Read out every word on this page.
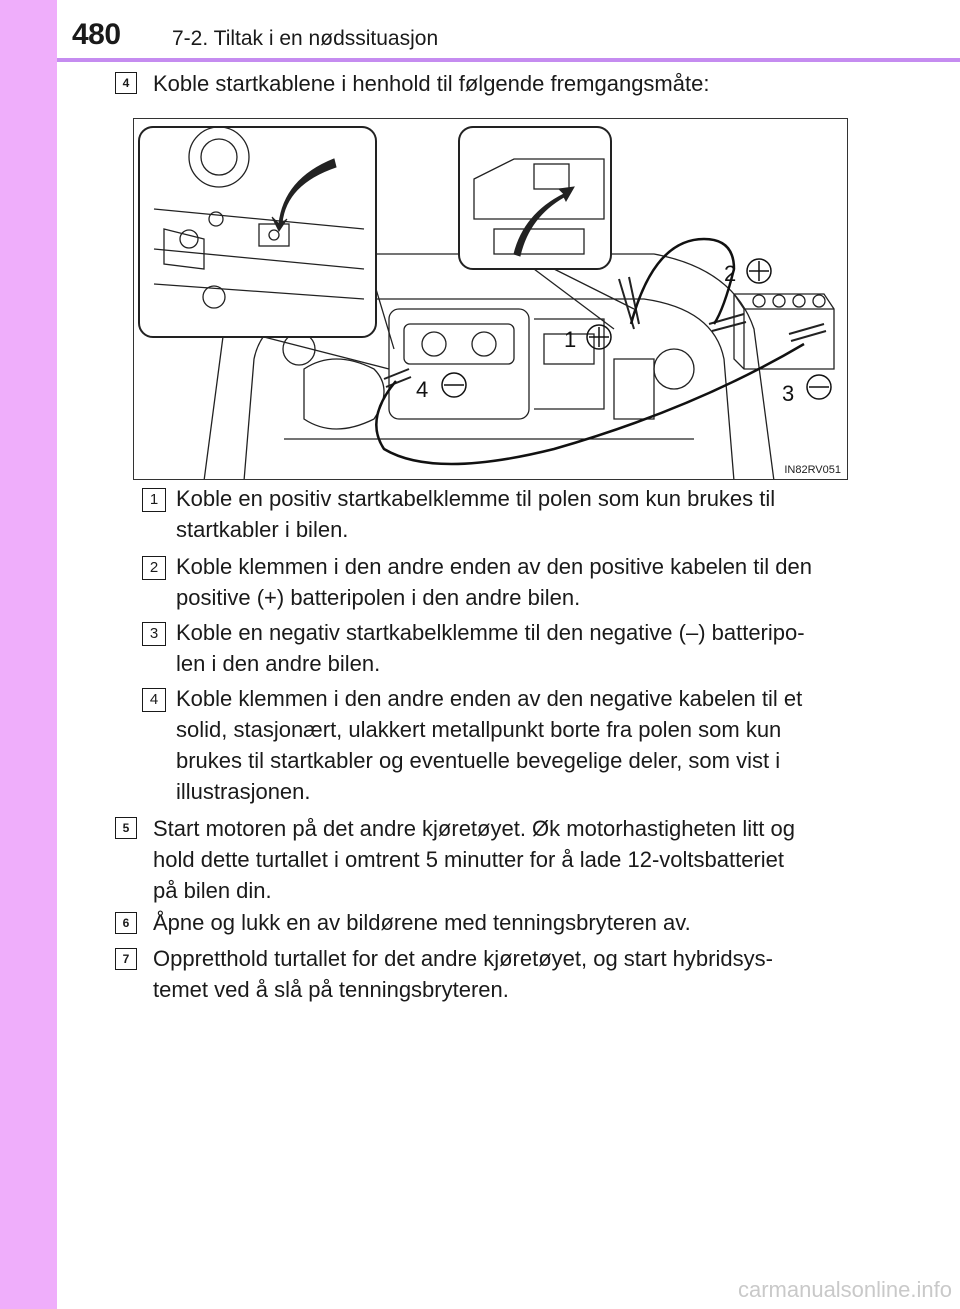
480 7-2. Tiltak i en nødssituasjon
4	Koble startkablene i henhold til følgende fremgangsmåte:
1
2
3
4
IN82RV051
1 Koble en positiv startkabelklemme til polen som kun brukes til
startkabler i bilen.
2 Koble klemmen i den andre enden av den positive kabelen til den
positive (+) batteripolen i den andre bilen.
3 Koble en negativ startkabelklemme til den negative (–) batteripo-
len i den andre bilen.
4 Koble klemmen i den andre enden av den negative kabelen til et
solid, stasjonært, ulakkert metallpunkt borte fra polen som kun
brukes til startkabler og eventuelle bevegelige deler, som vist i
illustrasjonen.
5	Start motoren på det andre kjøretøyet. Øk motorhastigheten litt og
hold dette turtallet i omtrent 5 minutter for å lade 12-voltsbatteriet
på bilen din.
6	Åpne og lukk en av bildørene med tenningsbryteren av.
7	Oppretthold turtallet for det andre kjøretøyet, og start hybridsys-
temet ved å slå på tenningsbryteren.
carmanualsonline.info
